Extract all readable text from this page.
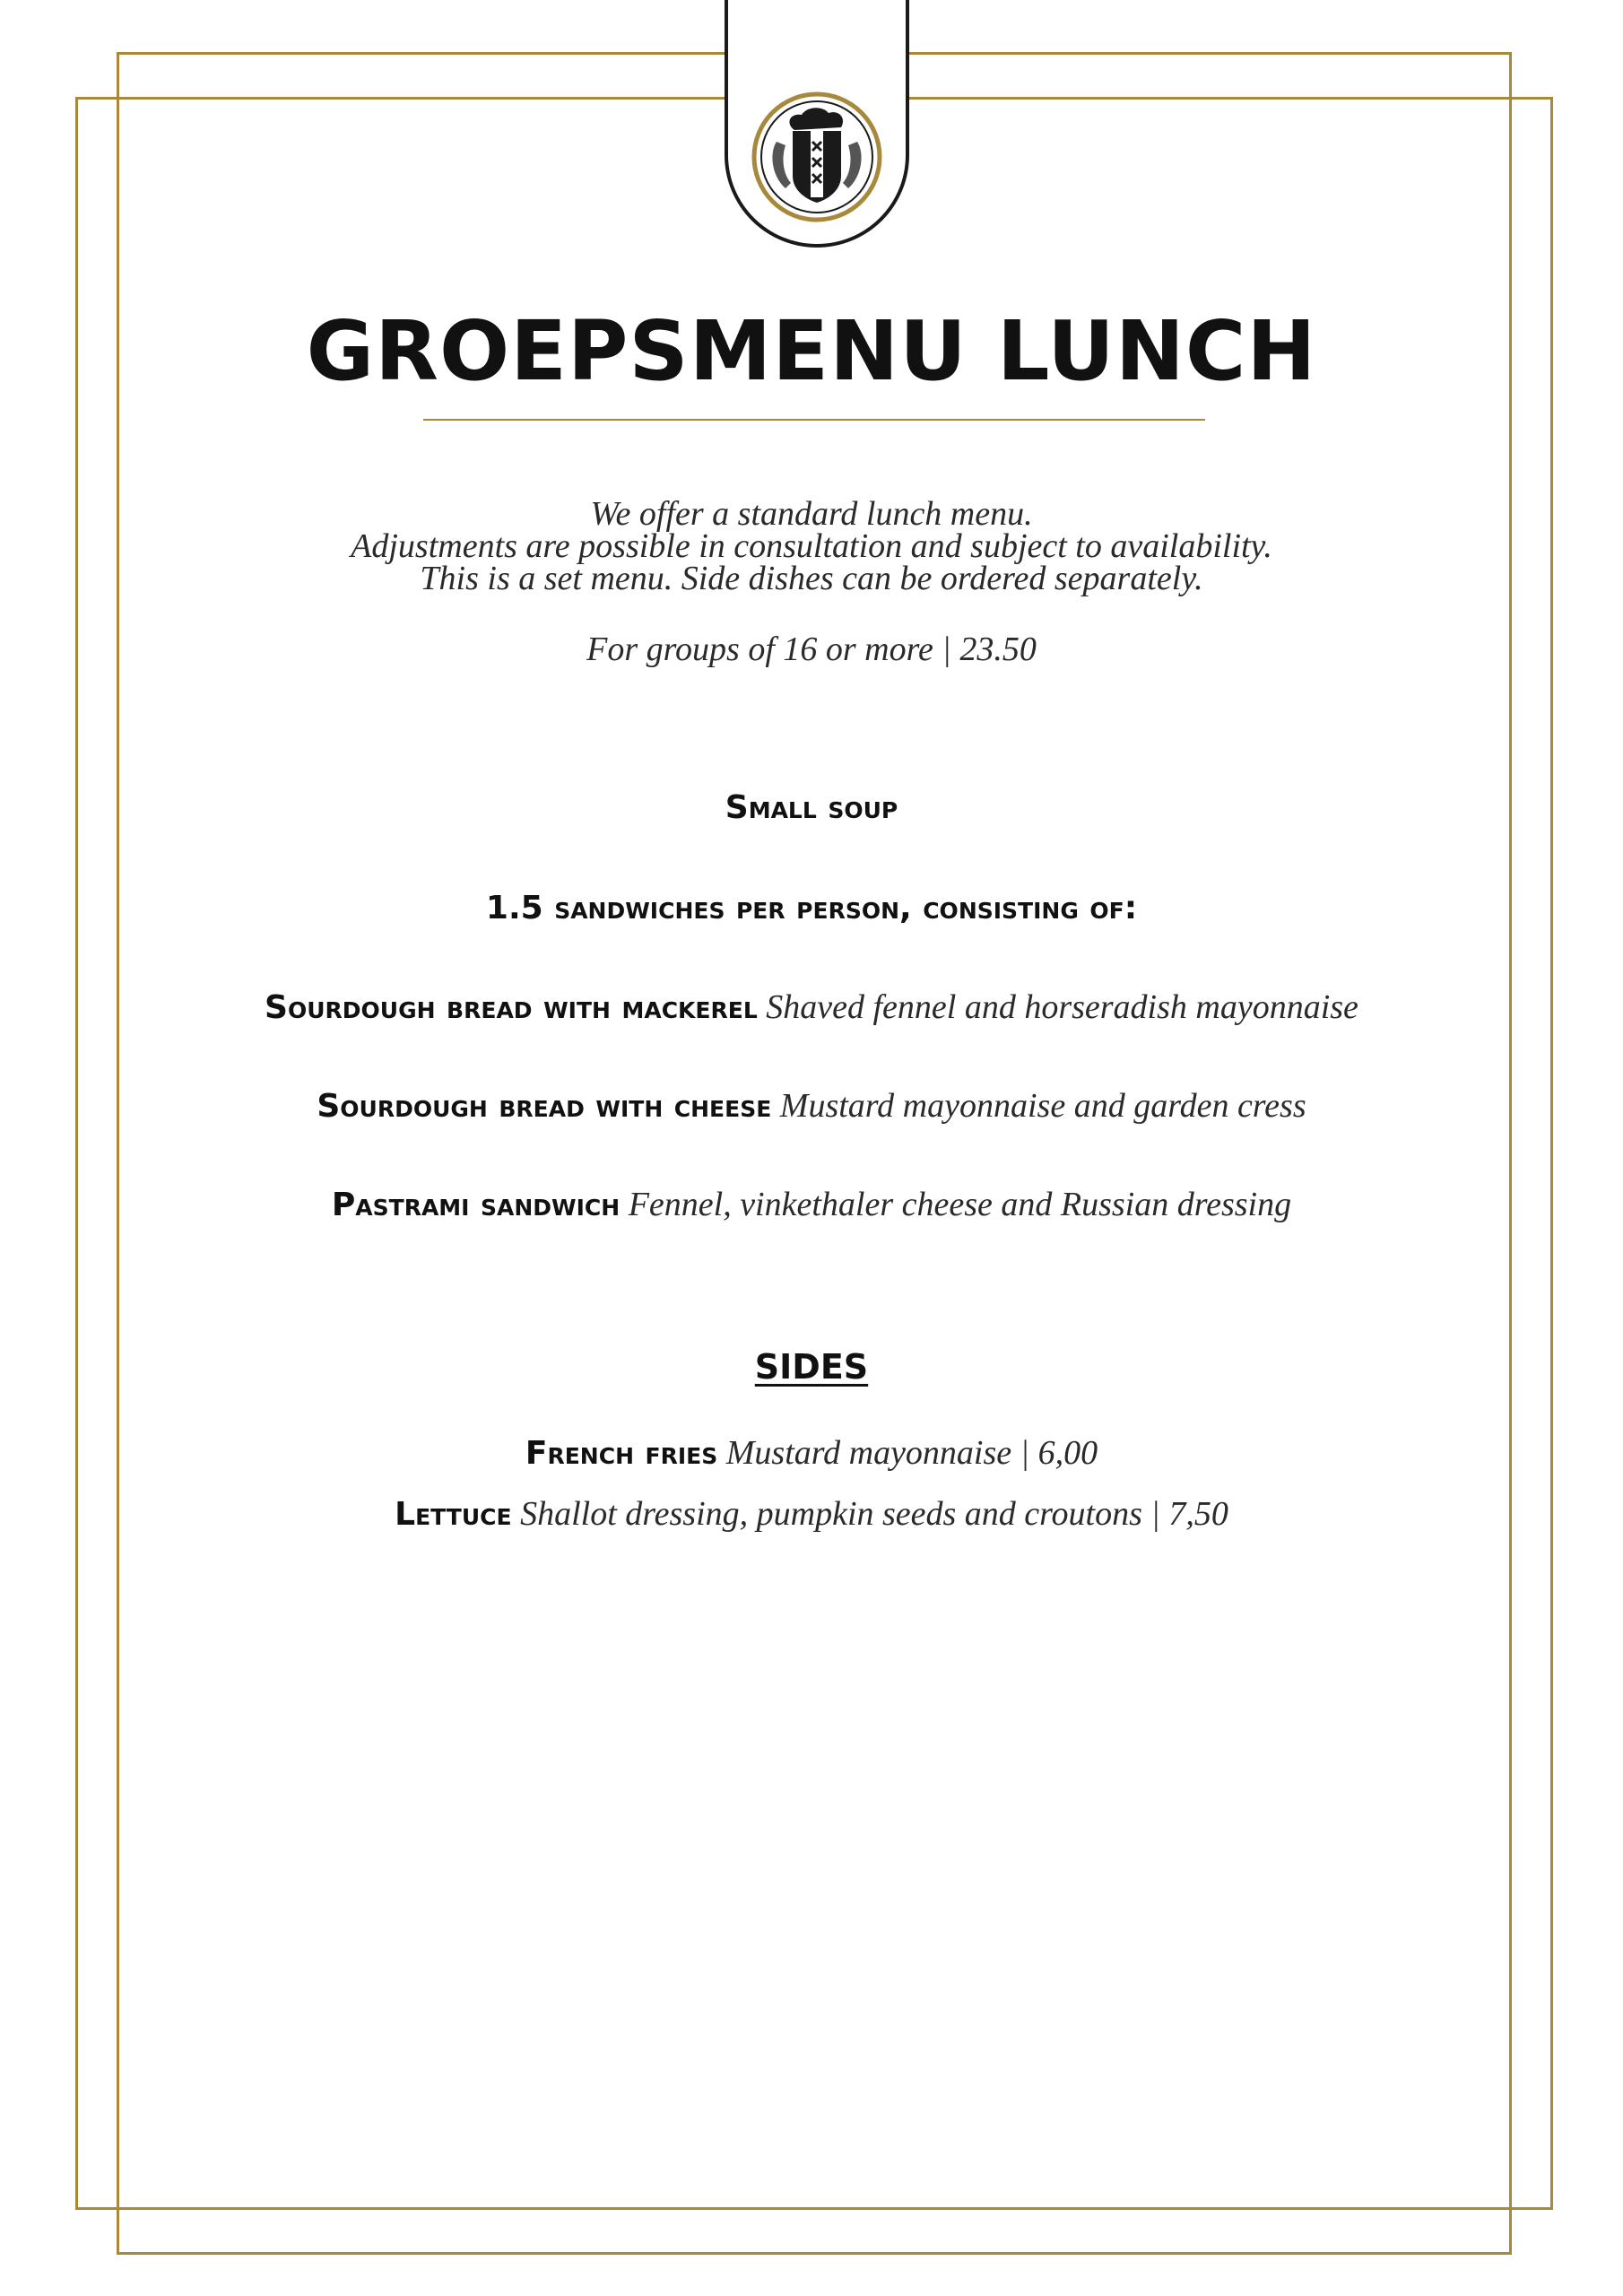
GROEPSMENU LUNCH
We offer a standard lunch menu.
Adjustments are possible in consultation and subject to availability.
This is a set menu. Side dishes can be ordered separately.
For groups of 16 or more | 23.50
Small soup
1.5 sandwiches per person, consisting of:
Sourdough bread with mackerel Shaved fennel and horseradish mayonnaise
Sourdough bread with cheese Mustard mayonnaise and garden cress
Pastrami sandwich Fennel, vinkethaler cheese and Russian dressing
SIDES
French fries Mustard mayonnaise | 6,00
Lettuce Shallot dressing, pumpkin seeds and croutons | 7,50
